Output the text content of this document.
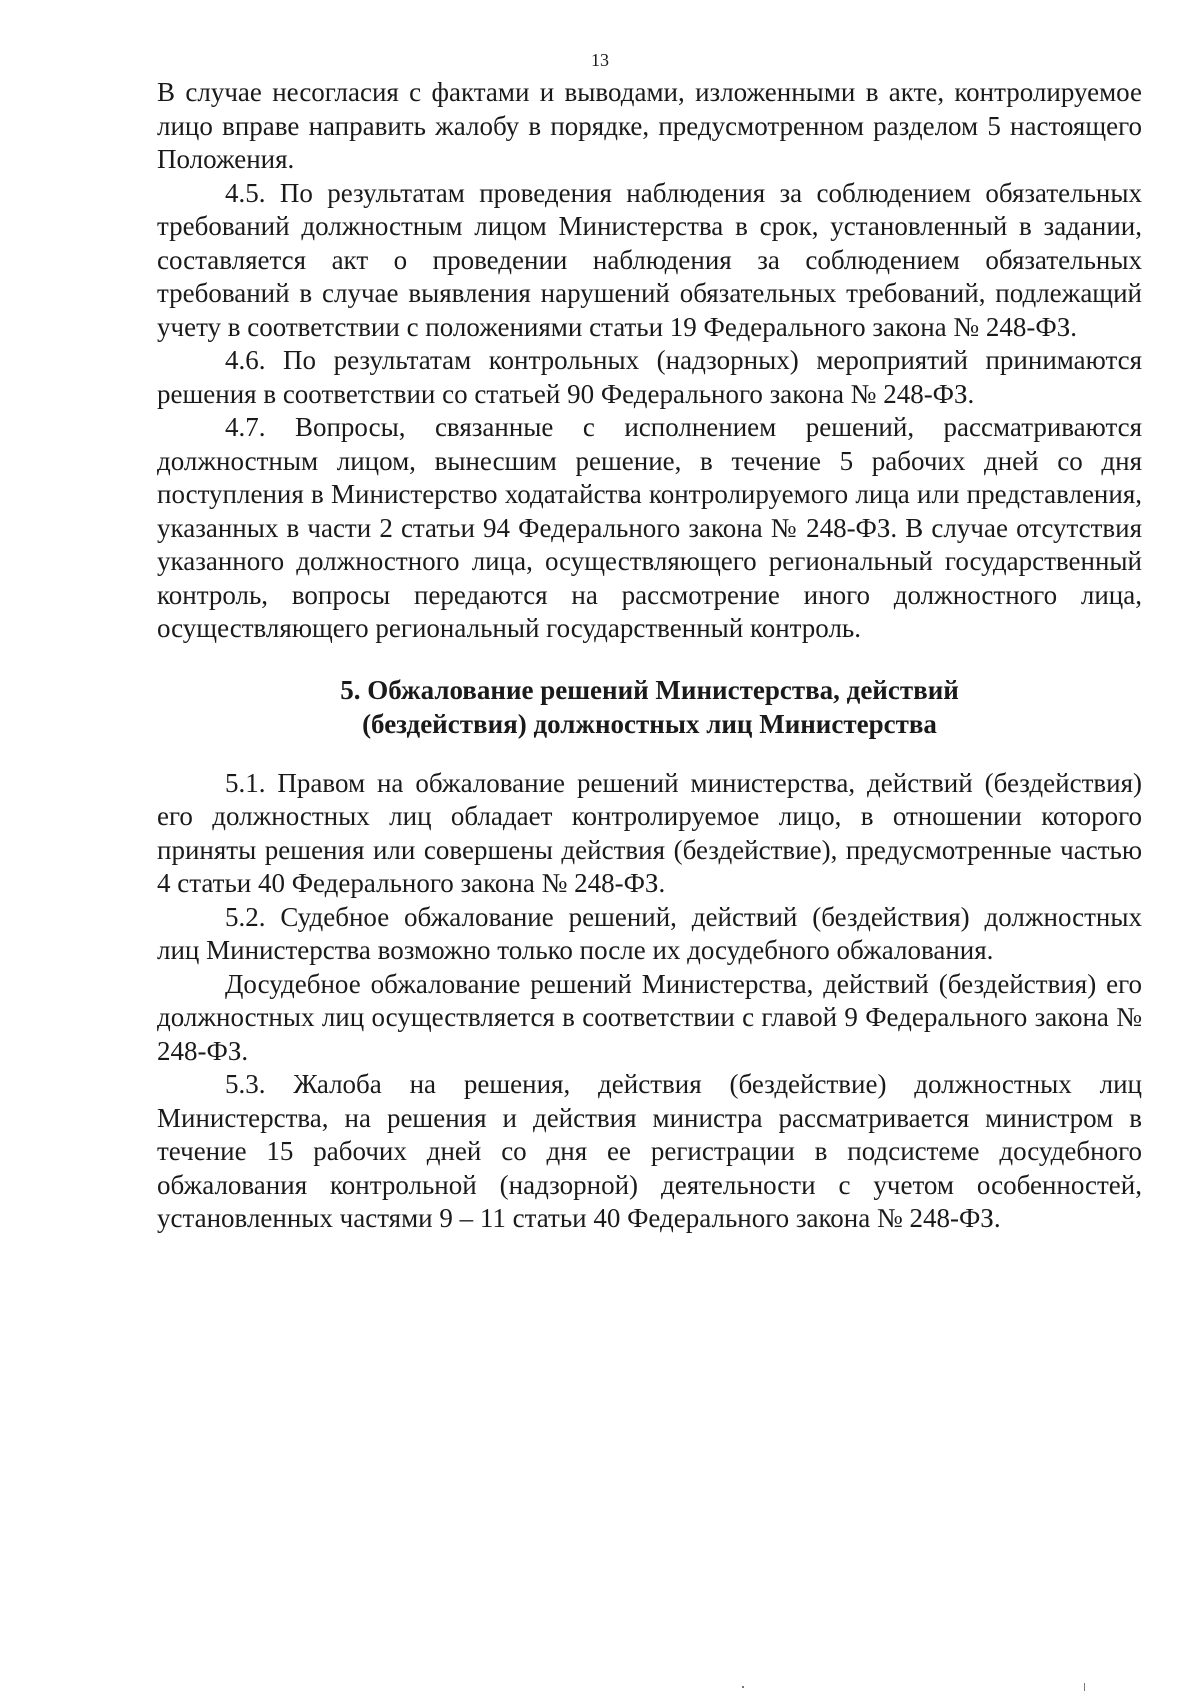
13

В случае несогласия с фактами и выводами, изложенными в акте, контролируемое лицо вправе направить жалобу в порядке, предусмотренном разделом 5 настоящего Положения.

4.5. По результатам проведения наблюдения за соблюдением обязательных требований должностным лицом Министерства в срок, установленный в задании, составляется акт о проведении наблюдения за соблюдением обязательных требований в случае выявления нарушений обязательных требований, подлежащий учету в соответствии с положениями статьи 19 Федерального закона № 248-ФЗ.

4.6. По результатам контрольных (надзорных) мероприятий принимаются решения в соответствии со статьей 90 Федерального закона № 248-ФЗ.

4.7. Вопросы, связанные с исполнением решений, рассматриваются должностным лицом, вынесшим решение, в течение 5 рабочих дней со дня поступления в Министерство ходатайства контролируемого лица или представления, указанных в части 2 статьи 94 Федерального закона № 248-ФЗ. В случае отсутствия указанного должностного лица, осуществляющего региональный государственный контроль, вопросы передаются на рассмотрение иного должностного лица, осуществляющего региональный государственный контроль.

5. Обжалование решений Министерства, действий
(бездействия) должностных лиц Министерства

5.1. Правом на обжалование решений министерства, действий (бездействия) его должностных лиц обладает контролируемое лицо, в отношении которого приняты решения или совершены действия (бездействие), предусмотренные частью 4 статьи 40 Федерального закона № 248-ФЗ.

5.2. Судебное обжалование решений, действий (бездействия) должностных лиц Министерства возможно только после их досудебного обжалования.

Досудебное обжалование решений Министерства, действий (бездействия) его должностных лиц осуществляется в соответствии с главой 9 Федерального закона № 248-ФЗ.

5.3. Жалоба на решения, действия (бездействие) должностных лиц Министерства, на решения и действия министра рассматривается министром в течение 15 рабочих дней со дня ее регистрации в подсистеме досудебного обжалования контрольной (надзорной) деятельности с учетом особенностей, установленных частями 9 – 11 статьи 40 Федерального закона № 248-ФЗ.
